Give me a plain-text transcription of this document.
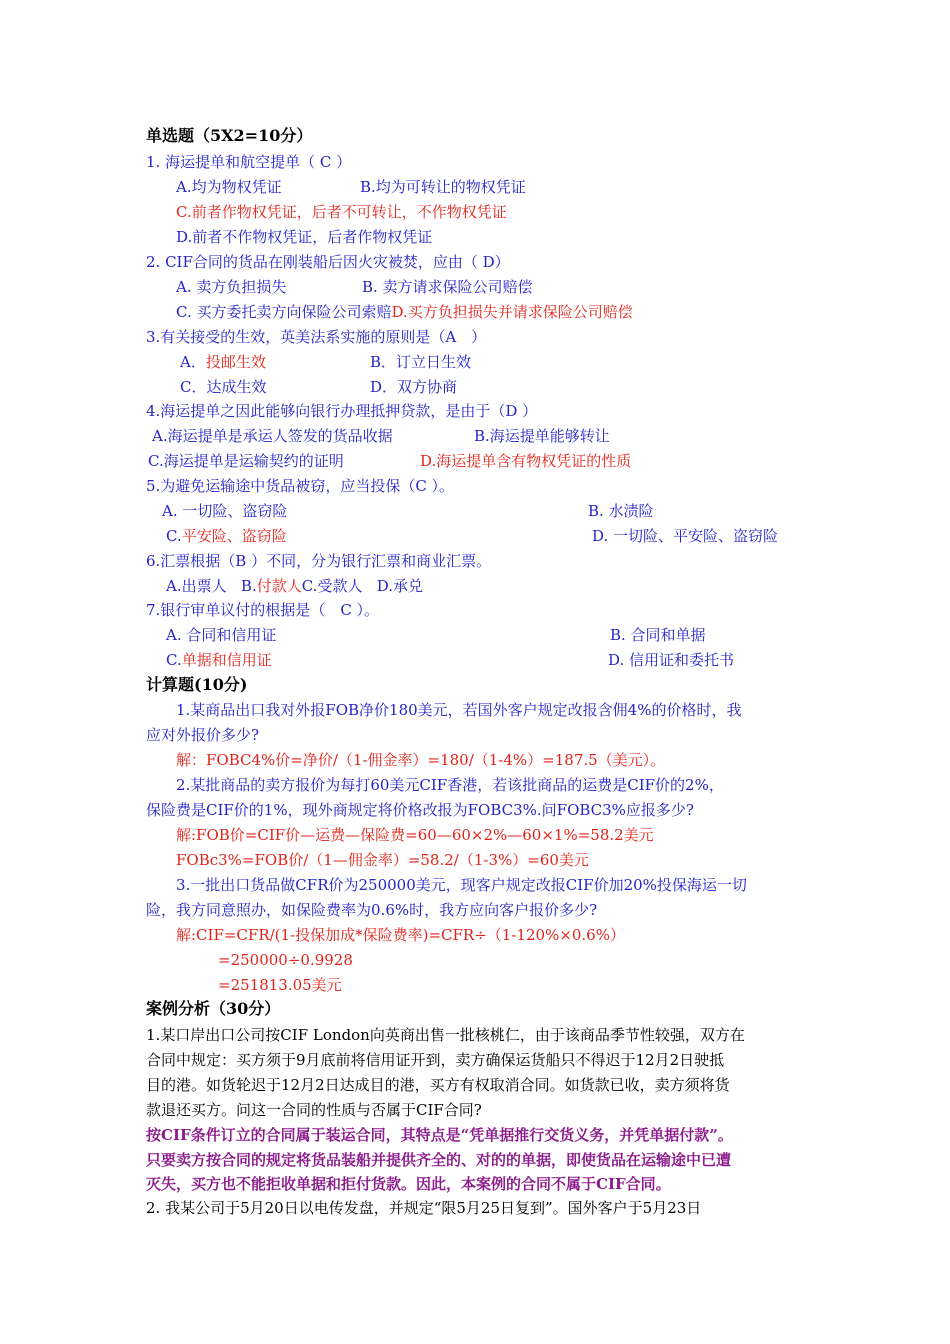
单选题（5X2=10分）
1. 海运提单和航空提单（ C ）
A.均为物权凭证	B.均为可转让的物权凭证
C.前者作物权凭证，后者不可转让，不作物权凭证
D.前者不作物权凭证，后者作物权凭证
2. CIF合同的货品在刚装船后因火灾被焚，应由（ D）
A. 卖方负担损失	B. 卖方请求保险公司赔偿
C. 买方委托卖方向保险公司索赔D.买方负担损失并请求保险公司赔偿
3.有关接受的生效，英美法系实施的原则是（A　）
A．投邮生效	B．订立日生效
C．达成生效	D．双方协商
4.海运提单之因此能够向银行办理抵押贷款，是由于（D ）
A.海运提单是承运人签发的货品收据	B.海运提单能够转让
C.海运提单是运输契约的证明	D.海运提单含有物权凭证的性质
5.为避免运输途中货品被窃，应当投保（C ）。
A. 一切险、盗窃险	B. 水渍险
C.平安险、盗窃险	D. 一切险、平安险、盗窃险
6.汇票根据（B ）不同，分为银行汇票和商业汇票。
A.出票人 B.付款人C.受款人 D.承兑
7.银行审单议付的根据是（　C ）。
A. 合同和信用证	B. 合同和单据
C.单据和信用证	D. 信用证和委托书
计算题(10分)
1.某商品出口我对外报FOB净价180美元，若国外客户规定改报含佣4%的价格时，我
应对外报价多少?
解：FOBC4%价=净价/（1-佣金率）=180/（1-4%）=187.5（美元）。
2.某批商品的卖方报价为每打60美元CIF香港，若该批商品的运费是CIF价的2%，
保险费是CIF价的1%，现外商规定将价格改报为FOBC3%.问FOBC3%应报多少?
解:FOB价=CIF价—运费—保险费=60—60×2%—60×1%=58.2美元
FOBc3%=FOB价/（1—佣金率）=58.2/（1-3%）=60美元
3.一批出口货品做CFR价为250000美元，现客户规定改报CIF价加20%投保海运一切
险，我方同意照办，如保险费率为0.6%时，我方应向客户报价多少?
解:CIF=CFR/(1-投保加成*保险费率)=CFR÷（1-120%×0.6%）
=250000÷0.9928
=251813.05美元
案例分析（30分）
1.某口岸出口公司按CIF London向英商出售一批核桃仁，由于该商品季节性较强，双方在
合同中规定：买方须于9月底前将信用证开到，卖方确保运货船只不得迟于12月2日驶抵
目的港。如货轮迟于12月2日达成目的港，买方有权取消合同。如货款已收，卖方须将货
款退还买方。问这一合同的性质与否属于CIF合同?
按CIF条件订立的合同属于装运合同，其特点是“凭单据推行交货义务，并凭单据付款”。
只要卖方按合同的规定将货品装船并提供齐全的、对的的单据，即使货品在运输途中已遭
灭失，买方也不能拒收单据和拒付货款。因此，本案例的合同不属于CIF合同。
2. 我某公司于5月20日以电传发盘，并规定“限5月25日复到”。国外客户于5月23日
